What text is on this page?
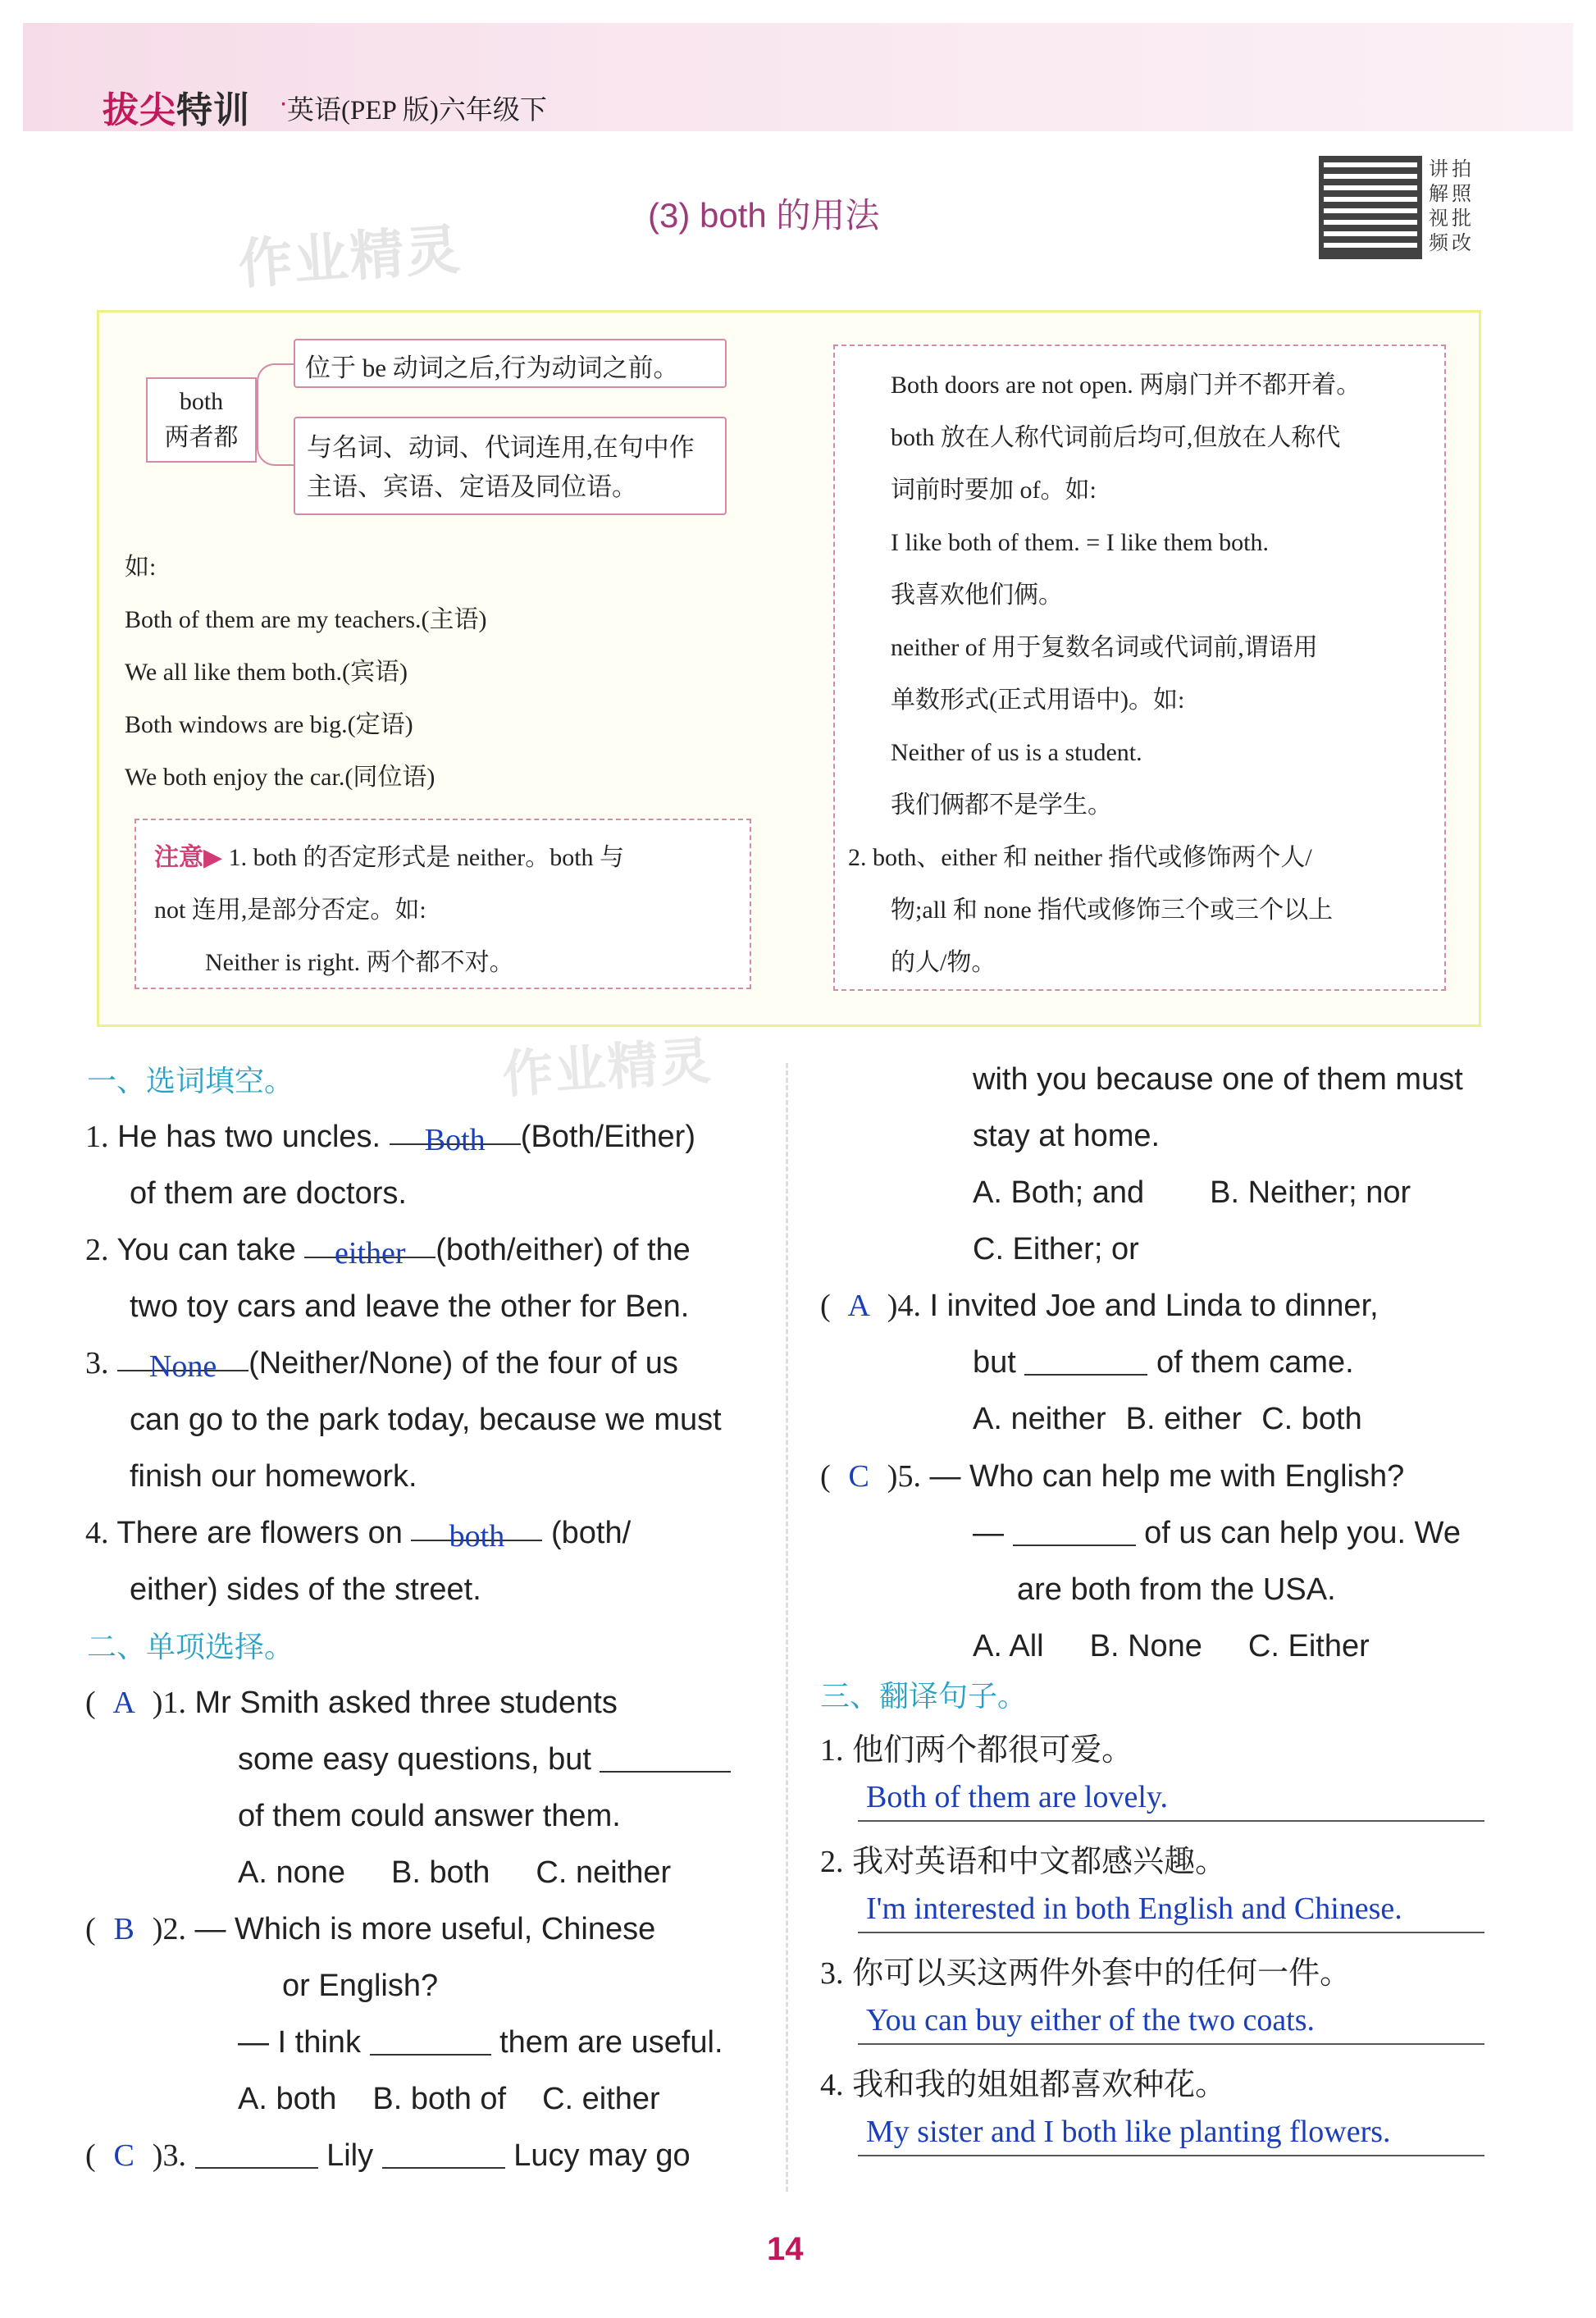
拔尖特训 · 英语(PEP 版)六年级下
(3) both 的用法
讲 拍
解 照
视 批
频 改
作业精灵
both
两者都
位于 be 动词之后,行为动词之前。
与名词、动词、代词连用,在句中作主语、宾语、定语及同位语。
如:
Both of them are my teachers.(主语)
We all like them both.(宾语)
Both windows are big.(定语)
We both enjoy the car.(同位语)
注意▶ 1. both 的否定形式是 neither。both 与
not 连用,是部分否定。如:
Neither is right. 两个都不对。
Both doors are not open. 两扇门并不都开着。
both 放在人称代词前后均可,但放在人称代
词前时要加 of。如:
I like both of them. = I like them both.
我喜欢他们俩。
neither of 用于复数名词或代词前,谓语用
单数形式(正式用语中)。如:
Neither of us is a student.
我们俩都不是学生。
2. both、either 和 neither 指代或修饰两个人/
物;all 和 none 指代或修饰三个或三个以上
的人/物。
作业精灵
一、选词填空。
1. He has two uncles. Both (Both/Either)
of them are doctors.
2. You can take either (both/either) of the
two toy cars and leave the other for Ben.
3. None (Neither/None) of the four of us
can go to the park today, because we must
finish our homework.
4. There are flowers on both (both/
either) sides of the street.
二、单项选择。
( A )1. Mr Smith asked three students
some easy questions, but
of them could answer them.
A. none B. both C. neither
( B )2. — Which is more useful, Chinese
or English?
— I think	them are useful.
A. both B. both of C. either
( C )3.	Lily	Lucy may go
with you because one of them must
stay at home.
A. Both; and B. Neither; nor
C. Either; or
( A )4. I invited Joe and Linda to dinner,
but	of them came.
A. neither B. either C. both
( C )5. — Who can help me with English?
—	of us can help you. We
are both from the USA.
A. All B. None C. Either
三、翻译句子。
1. 他们两个都很可爱。
Both of them are lovely.
2. 我对英语和中文都感兴趣。
I'm interested in both English and Chinese.
3. 你可以买这两件外套中的任何一件。
You can buy either of the two coats.
4. 我和我的姐姐都喜欢种花。
My sister and I both like planting flowers.
14
